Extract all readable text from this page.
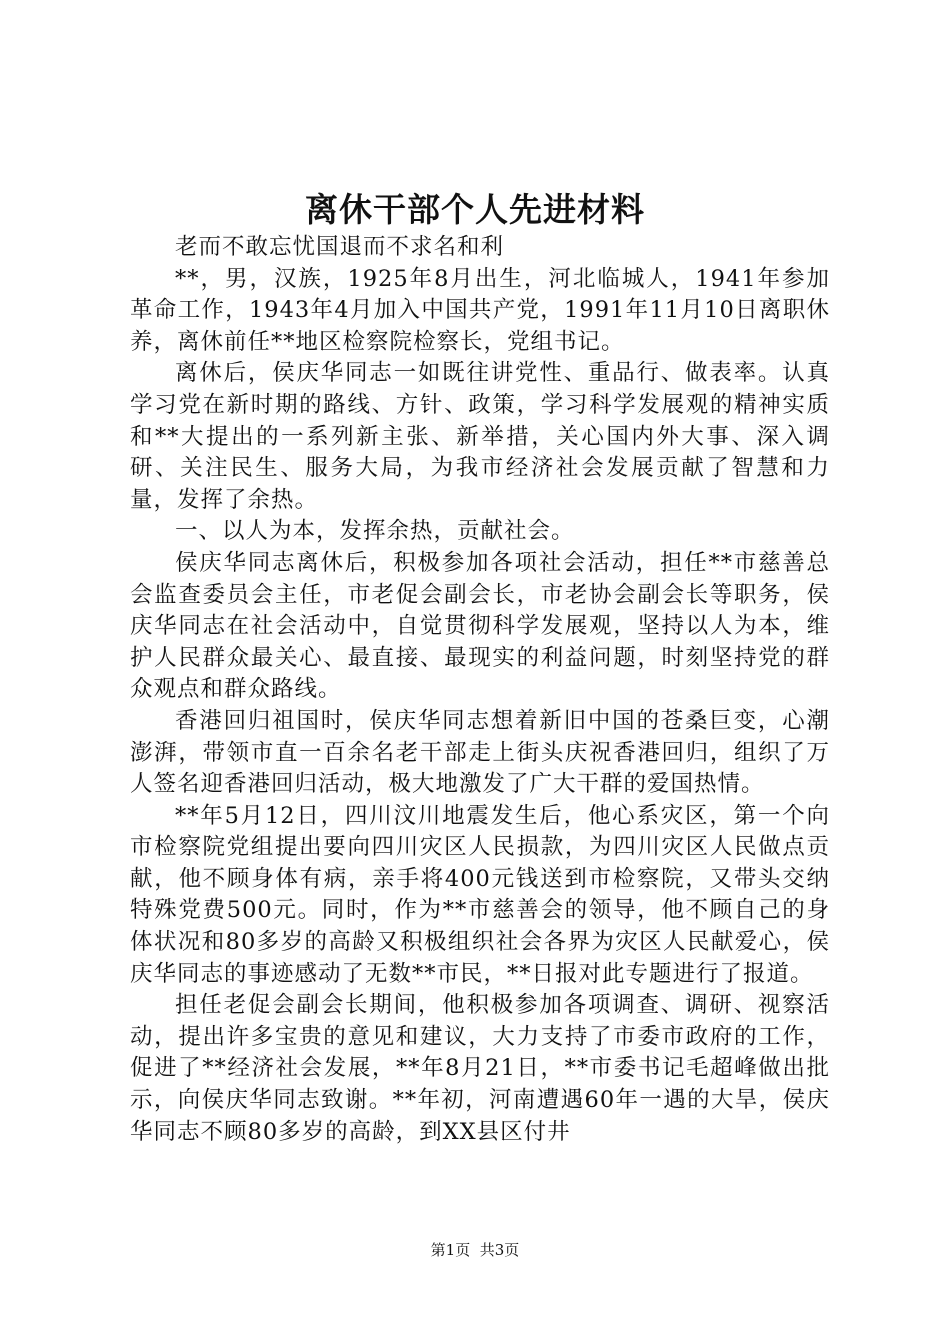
离休干部个人先进材料

老而不敢忘忧国退而不求名和利

**，男，汉族，1925年8月出生，河北临城人，1941年参加革命工作，1943年4月加入中国共产党，1991年11月10日离职休养，离休前任**地区检察院检察长，党组书记。

离休后，侯庆华同志一如既往讲党性、重品行、做表率。认真学习党在新时期的路线、方针、政策，学习科学发展观的精神实质和**大提出的一系列新主张、新举措，关心国内外大事、深入调研、关注民生、服务大局，为我市经济社会发展贡献了智慧和力量，发挥了余热。

一、以人为本，发挥余热，贡献社会。

侯庆华同志离休后，积极参加各项社会活动，担任**市慈善总会监查委员会主任，市老促会副会长，市老协会副会长等职务，侯庆华同志在社会活动中，自觉贯彻科学发展观，坚持以人为本，维护人民群众最关心、最直接、最现实的利益问题，时刻坚持党的群众观点和群众路线。

香港回归祖国时，侯庆华同志想着新旧中国的苍桑巨变，心潮澎湃，带领市直一百余名老干部走上街头庆祝香港回归，组织了万人签名迎香港回归活动，极大地激发了广大干群的爱国热情。

**年5月12日，四川汶川地震发生后，他心系灾区，第一个向市检察院党组提出要向四川灾区人民损款，为四川灾区人民做点贡献，他不顾身体有病，亲手将400元钱送到市检察院，又带头交纳特殊党费500元。同时，作为**市慈善会的领导，他不顾自己的身体状况和80多岁的高龄又积极组织社会各界为灾区人民献爱心，侯庆华同志的事迹感动了无数**市民，**日报对此专题进行了报道。

担任老促会副会长期间，他积极参加各项调查、调研、视察活动，提出许多宝贵的意见和建议，大力支持了市委市政府的工作，促进了**经济社会发展，**年8月21日，**市委书记毛超峰做出批示，向侯庆华同志致谢。**年初，河南遭遇60年一遇的大旱，侯庆华同志不顾80多岁的高龄，到XX县区付井

第1页 共3页
